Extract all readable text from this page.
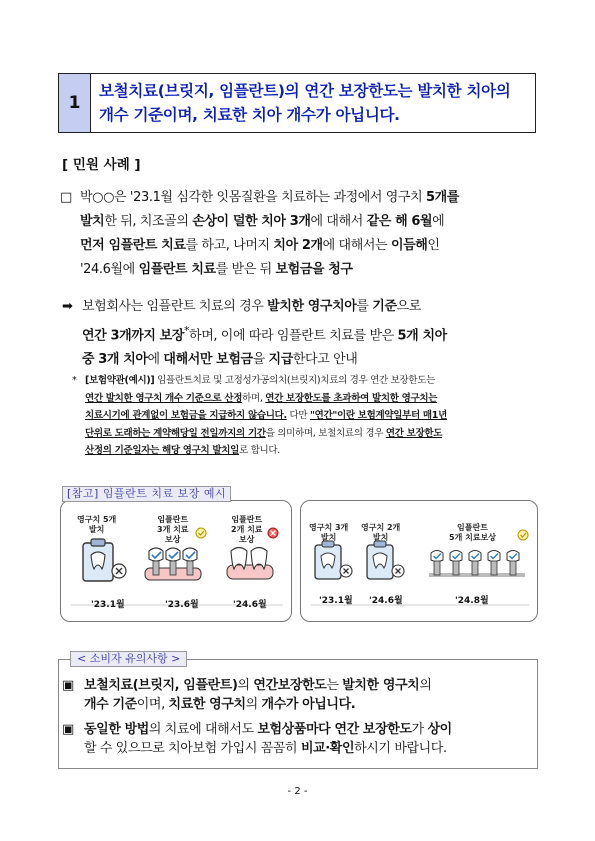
1
보철치료(브릿지, 임플란트)의 연간 보장한도는 발치한 치아의
개수 기준이며, 치료한 치아 개수가 아닙니다.
[ 민원 사례 ]
□ 박○○은 '23.1월 심각한 잇몸질환을 치료하는 과정에서 영구치 5개를
발치한 뒤, 치조골의 손상이 덜한 치아 3개에 대해서 같은 해 6월에
먼저 임플란트 치료를 하고, 나머지 치아 2개에 대해서는 이듬해인
'24.6월에 임플란트 치료를 받은 뒤 보험금을 청구
➡ 보험회사는 임플란트 치료의 경우 발치한 영구치아를 기준으로
연간 3개까지 보장*하며, 이에 따라 임플란트 치료를 받은 5개 치아
중 3개 치아에 대해서만 보험금을 지급한다고 안내
* [보험약관(예시)] 임플란트치료 및 고정성가공의치(브릿지)치료의 경우 연간 보장한도는
연간 발치한 영구치 개수 기준으로 산정하며, 연간 보장한도를 초과하여 발치한 영구치는
치료시기에 관계없이 보험금을 지급하지 않습니다. 다만 "연간"이란 보험계약일부터 매1년
단위로 도래하는 계약해당일 전일까지의 기간을 의미하며, 보철치료의 경우 연간 보장한도
산정의 기준일자는 해당 영구치 발치일로 합니다.
영구치 5개
발치
임플란트
3개 치료
보상
임플란트
2개 치료
보상
'23.1월	'23.6월	'24.6월
영구치 3개
발치
영구치 2개
발치
임플란트
5개 치료보상
'23.1월 '24.6월	'24.8월
[참고] 임플란트 치료 보장 예시
< 소비자 유의사항 >
▣ 보철치료(브릿지, 임플란트)의 연간보장한도는 발치한 영구치의
개수 기준이며, 치료한 영구치의 개수가 아닙니다.
▣ 동일한 방법의 치료에 대해서도 보험상품마다 연간 보장한도가 상이
할 수 있으므로 치아보험 가입시 꼼꼼히 비교·확인하시기 바랍니다.
- 2 -
